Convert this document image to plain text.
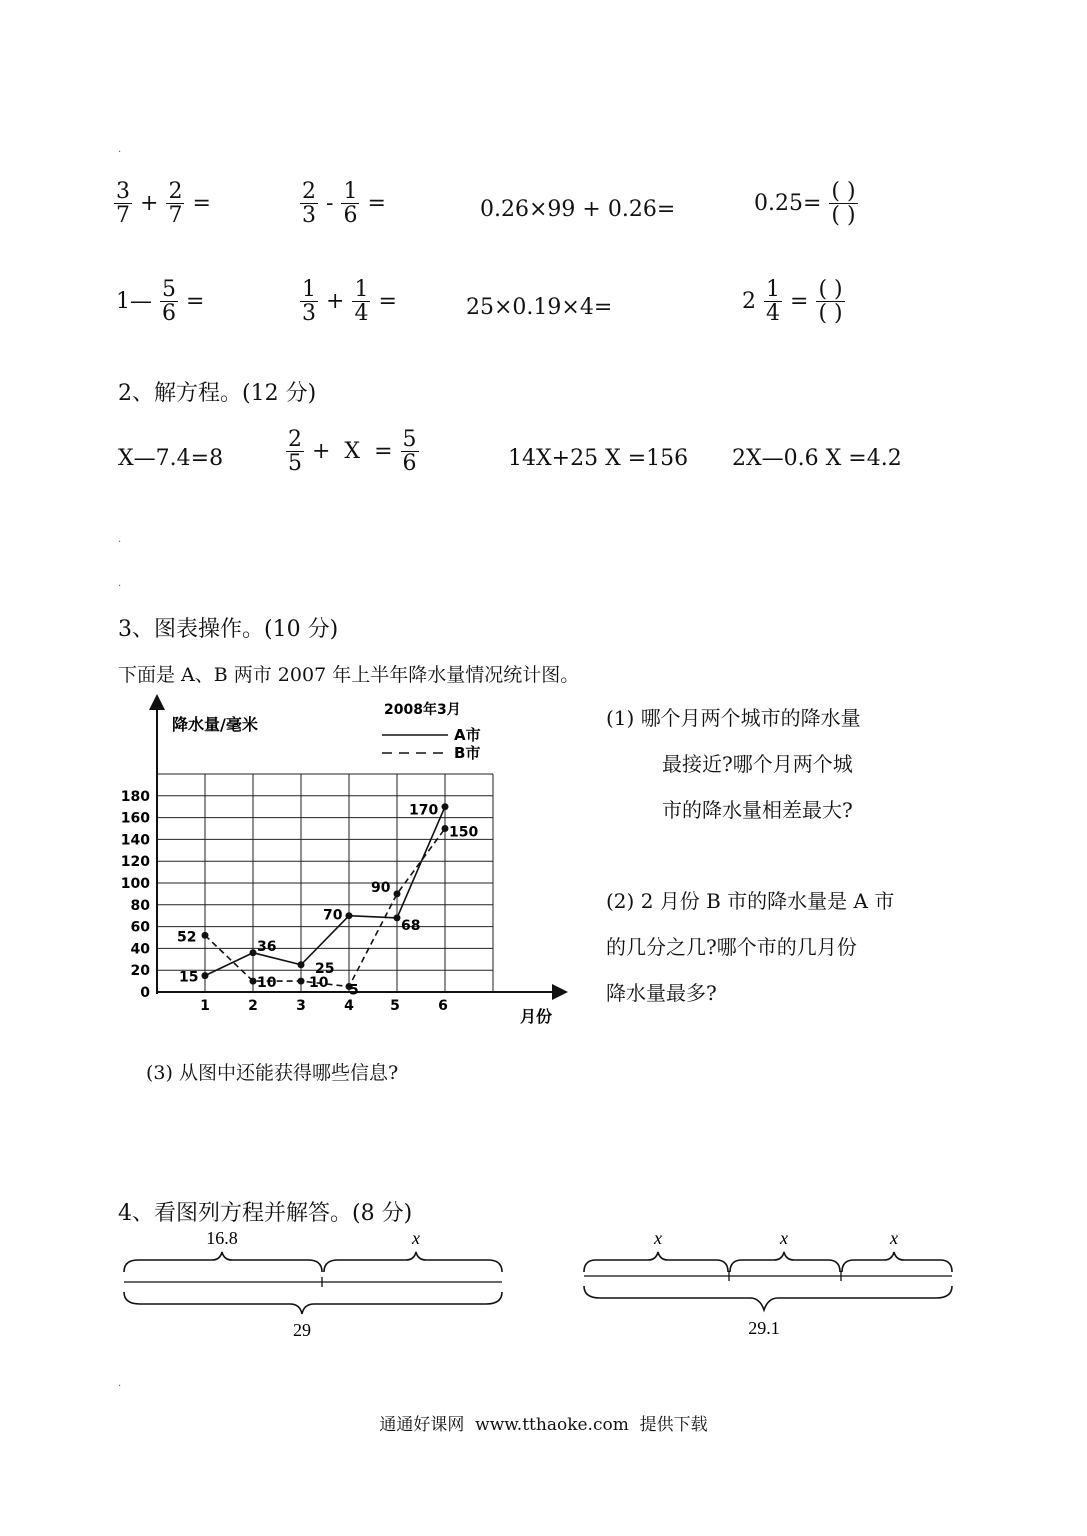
.
.
.
.
$\frac{3}{7} + \frac{2}{7}$ =	$\frac{2}{3} - \frac{1}{6}$ =	0.26×99 + 0.26=	$0.25= \frac{( )}{( )}$
1— $\frac{5}{6}$ =	$\frac{1}{3} + \frac{1}{4}$ =	25×0.19×4=	$2 \frac{1}{4} = \frac{( )}{( )}$
2、解方程。(12 分)
X—7.4=8	$\frac{2}{5} + X = \frac{5}{6}$	14X+25 X =156 2X—0.6 X =4.2
3、图表操作。(10 分)
下面是 A、B 两市 2007 年上半年降水量情况统计图。
降水量/毫米
2008年3月
A市
B市
月份
0
20
40
60
80
100
120
140
160
180
1	2	3	4	5	6
15
36
25
70
68
170
52
10 10 5
90
150
(1) 哪个月两个城市的降水量
最接近?哪个月两个城
市的降水量相差最大?
(2) 2 月份 B 市的降水量是 A 市
的几分之几?哪个市的几月份
降水量最多?
(3) 从图中还能获得哪些信息?
4、看图列方程并解答。(8 分)
16.8	x
29
x	x	x
29.1
通通好课网  www.tthaoke.com  提供下载
